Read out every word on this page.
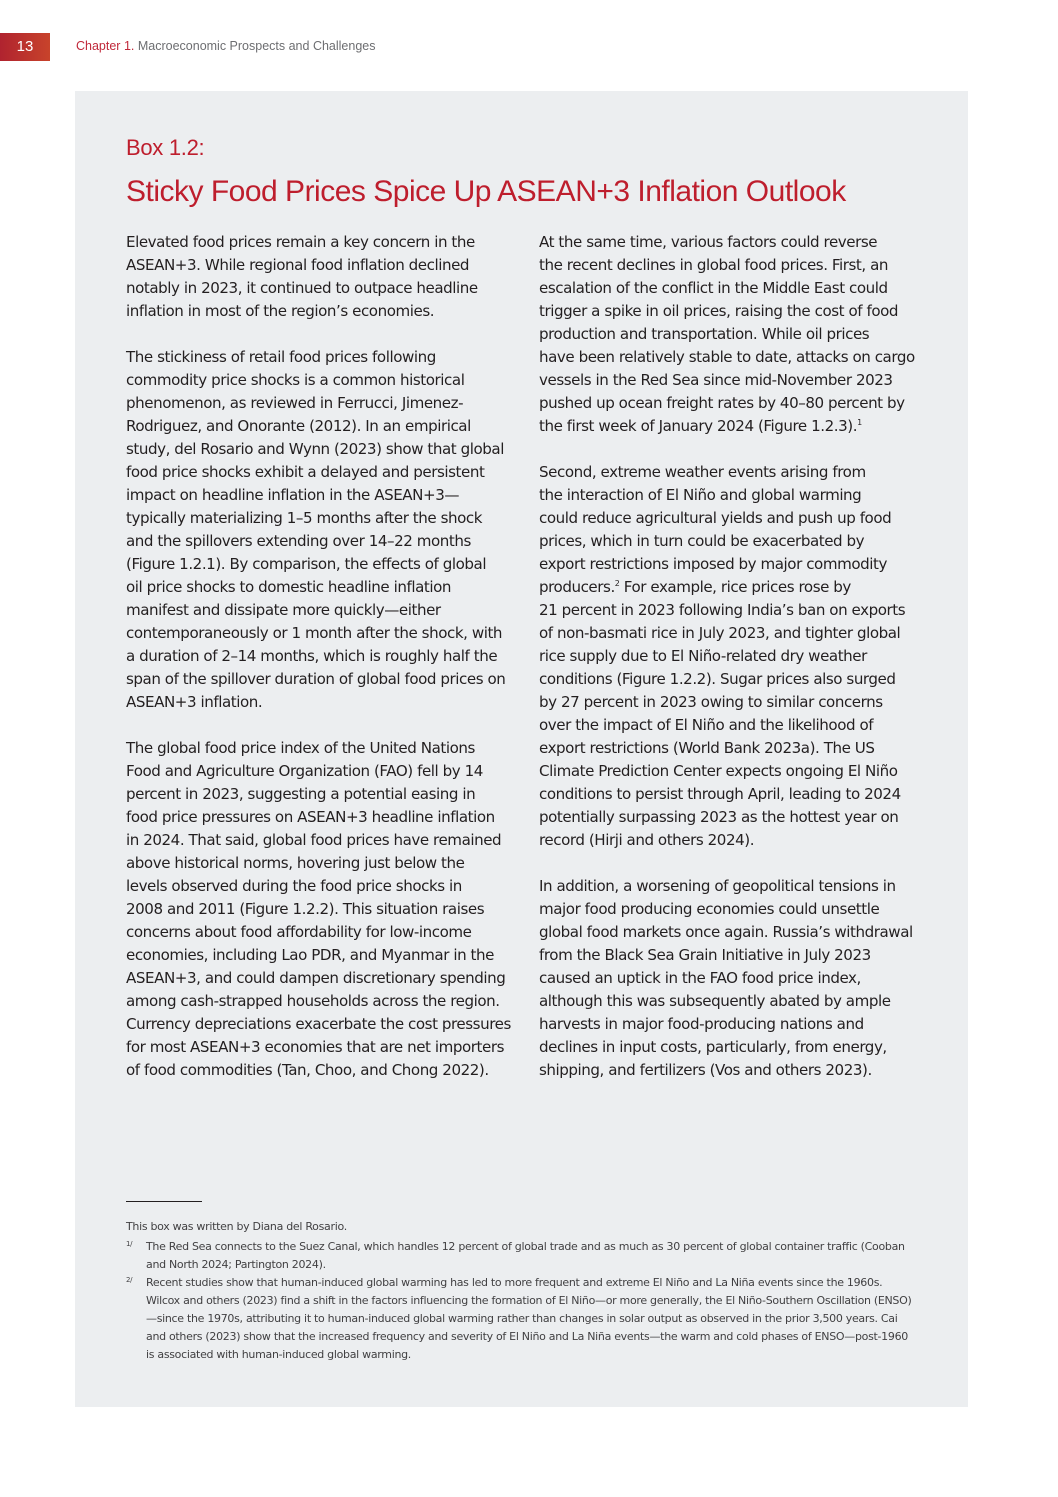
13	Chapter 1. Macroeconomic Prospects and Challenges
Box 1.2:
Sticky Food Prices Spice Up ASEAN+3 Inflation Outlook

Elevated food prices remain a key concern in the
ASEAN+3. While regional food inflation declined
notably in 2023, it continued to outpace headline
inflation in most of the region’s economies.

The stickiness of retail food prices following
commodity price shocks is a common historical
phenomenon, as reviewed in Ferrucci, Jimenez-
Rodriguez, and Onorante (2012). In an empirical
study, del Rosario and Wynn (2023) show that global
food price shocks exhibit a delayed and persistent
impact on headline inflation in the ASEAN+3—
typically materializing 1–5 months after the shock
and the spillovers extending over 14–22 months
(Figure 1.2.1). By comparison, the effects of global
oil price shocks to domestic headline inflation
manifest and dissipate more quickly—either
contemporaneously or 1 month after the shock, with
a duration of 2–14 months, which is roughly half the
span of the spillover duration of global food prices on
ASEAN+3 inflation.

The global food price index of the United Nations
Food and Agriculture Organization (FAO) fell by 14
percent in 2023, suggesting a potential easing in
food price pressures on ASEAN+3 headline inflation
in 2024. That said, global food prices have remained
above historical norms, hovering just below the
levels observed during the food price shocks in
2008 and 2011 (Figure 1.2.2). This situation raises
concerns about food affordability for low-income
economies, including Lao PDR, and Myanmar in the
ASEAN+3, and could dampen discretionary spending
among cash-strapped households across the region.
Currency depreciations exacerbate the cost pressures
for most ASEAN+3 economies that are net importers
of food commodities (Tan, Choo, and Chong 2022).

At the same time, various factors could reverse
the recent declines in global food prices. First, an
escalation of the conflict in the Middle East could
trigger a spike in oil prices, raising the cost of food
production and transportation. While oil prices
have been relatively stable to date, attacks on cargo
vessels in the Red Sea since mid-November 2023
pushed up ocean freight rates by 40–80 percent by
the first week of January 2024 (Figure 1.2.3).$^1$

Second, extreme weather events arising from
the interaction of El Niño and global warming
could reduce agricultural yields and push up food
prices, which in turn could be exacerbated by
export restrictions imposed by major commodity
producers.$^2$ For example, rice prices rose by
21 percent in 2023 following India’s ban on exports
of non-basmati rice in July 2023, and tighter global
rice supply due to El Niño-related dry weather
conditions (Figure 1.2.2). Sugar prices also surged
by 27 percent in 2023 owing to similar concerns
over the impact of El Niño and the likelihood of
export restrictions (World Bank 2023a). The US
Climate Prediction Center expects ongoing El Niño
conditions to persist through April, leading to 2024
potentially surpassing 2023 as the hottest year on
record (Hirji and others 2024).

In addition, a worsening of geopolitical tensions in
major food producing economies could unsettle
global food markets once again. Russia’s withdrawal
from the Black Sea Grain Initiative in July 2023
caused an uptick in the FAO food price index,
although this was subsequently abated by ample
harvests in major food-producing nations and
declines in input costs, particularly, from energy,
shipping, and fertilizers (Vos and others 2023).

This box was written by Diana del Rosario.

1/ The Red Sea connects to the Suez Canal, which handles 12 percent of global trade and as much as 30 percent of global container traffic (Cooban and North 2024; Partington 2024).

2/ Recent studies show that human-induced global warming has led to more frequent and extreme El Niño and La Niña events since the 1960s. Wilcox and others (2023) find a shift in the factors influencing the formation of El Niño—or more generally, the El Niño-Southern Oscillation (ENSO)—since the 1970s, attributing it to human-induced global warming rather than changes in solar output as observed in the prior 3,500 years. Cai and others (2023) show that the increased frequency and severity of El Niño and La Niña events—the warm and cold phases of ENSO—post-1960 is associated with human-induced global warming.
